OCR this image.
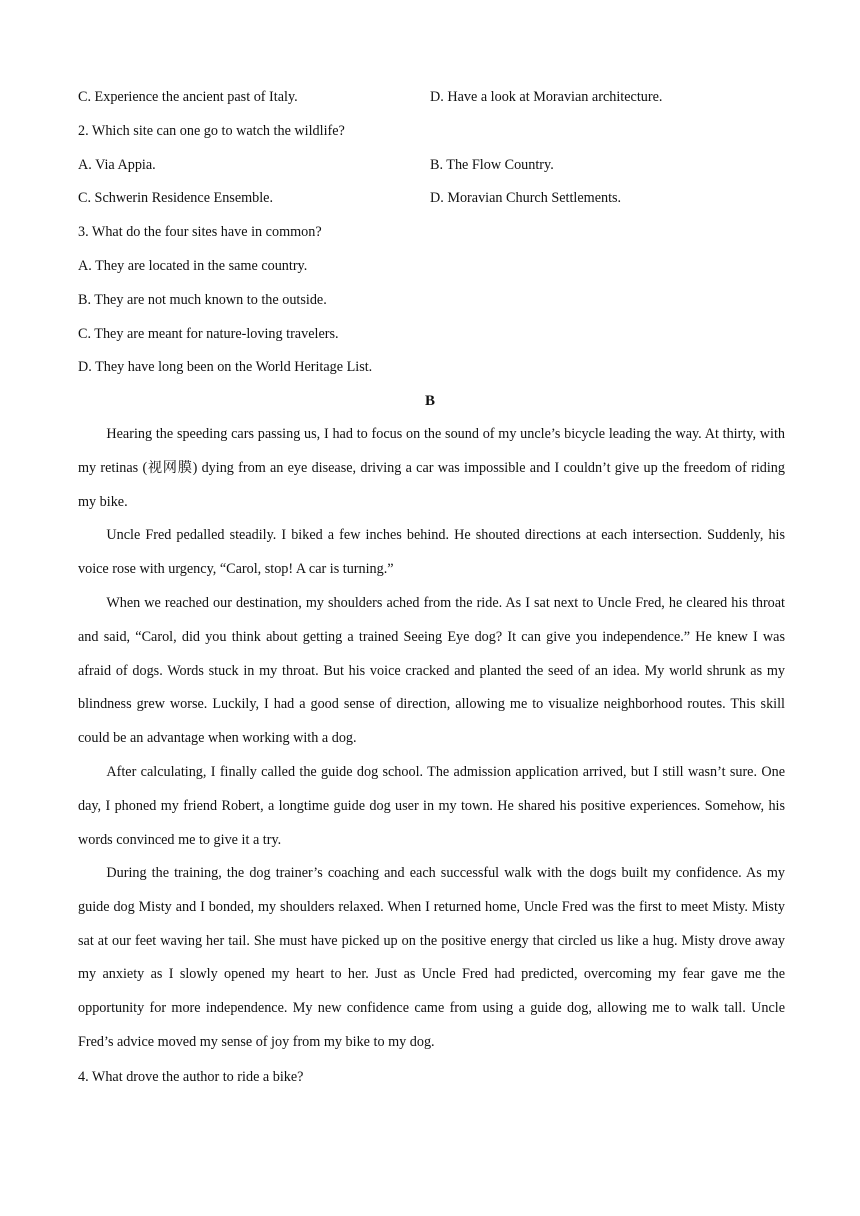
C. Experience the ancient past of Italy.	D. Have a look at Moravian architecture.
2. Which site can one go to watch the wildlife?
A. Via Appia.	B. The Flow Country.
C. Schwerin Residence Ensemble.	D. Moravian Church Settlements.
3. What do the four sites have in common?
A. They are located in the same country.
B. They are not much known to the outside.
C. They are meant for nature-loving travelers.
D. They have long been on the World Heritage List.
B

Hearing the speeding cars passing us, I had to focus on the sound of my uncle’s bicycle leading the way. At thirty, with my retinas (视网膜) dying from an eye disease, driving a car was impossible and I couldn’t give up the freedom of riding my bike.

Uncle Fred pedalled steadily. I biked a few inches behind. He shouted directions at each intersection. Suddenly, his voice rose with urgency, “Carol, stop! A car is turning.”

When we reached our destination, my shoulders ached from the ride. As I sat next to Uncle Fred, he cleared his throat and said, “Carol, did you think about getting a trained Seeing Eye dog? It can give you independence.” He knew I was afraid of dogs. Words stuck in my throat. But his voice cracked and planted the seed of an idea. My world shrunk as my blindness grew worse. Luckily, I had a good sense of direction, allowing me to visualize neighborhood routes. This skill could be an advantage when working with a dog.

After calculating, I finally called the guide dog school. The admission application arrived, but I still wasn’t sure. One day, I phoned my friend Robert, a longtime guide dog user in my town. He shared his positive experiences. Somehow, his words convinced me to give it a try.

During the training, the dog trainer’s coaching and each successful walk with the dogs built my confidence. As my guide dog Misty and I bonded, my shoulders relaxed. When I returned home, Uncle Fred was the first to meet Misty. Misty sat at our feet waving her tail. She must have picked up on the positive energy that circled us like a hug. Misty drove away my anxiety as I slowly opened my heart to her. Just as Uncle Fred had predicted, overcoming my fear gave me the opportunity for more independence. My new confidence came from using a guide dog, allowing me to walk tall. Uncle Fred’s advice moved my sense of joy from my bike to my dog.

4. What drove the author to ride a bike?
